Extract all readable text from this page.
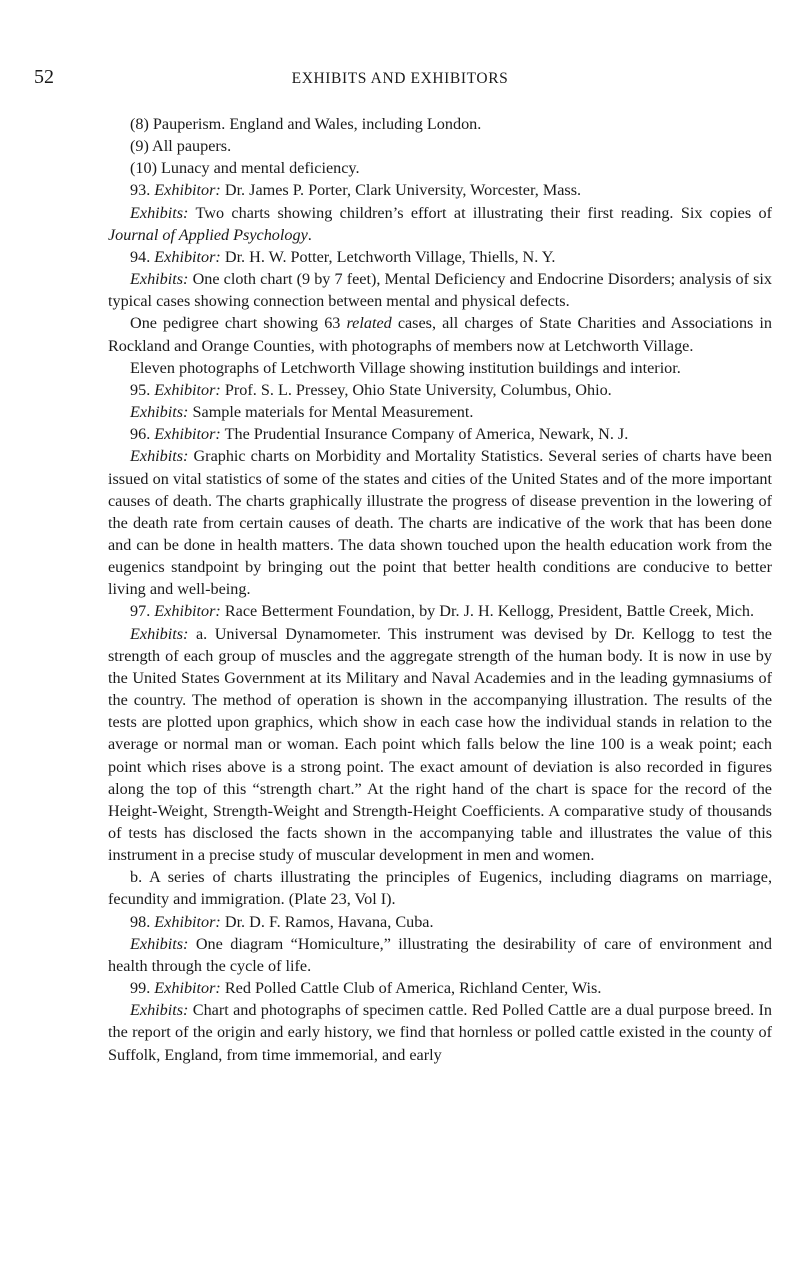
52	EXHIBITS AND EXHIBITORS

(8) Pauperism. England and Wales, including London.

(9) All paupers.

(10) Lunacy and mental deficiency.

93. Exhibitor: Dr. James P. Porter, Clark University, Worcester, Mass.

Exhibits: Two charts showing children’s effort at illustrating their first reading. Six copies of Journal of Applied Psychology.

94. Exhibitor: Dr. H. W. Potter, Letchworth Village, Thiells, N. Y.

Exhibits: One cloth chart (9 by 7 feet), Mental Deficiency and Endocrine Disorders; analysis of six typical cases showing connection between mental and physical defects.

One pedigree chart showing 63 related cases, all charges of State Charities and Associations in Rockland and Orange Counties, with photographs of members now at Letchworth Village.

Eleven photographs of Letchworth Village showing institution buildings and interior.

95. Exhibitor: Prof. S. L. Pressey, Ohio State University, Columbus, Ohio.

Exhibits: Sample materials for Mental Measurement.

96. Exhibitor: The Prudential Insurance Company of America, Newark, N. J.

Exhibits: Graphic charts on Morbidity and Mortality Statistics. Several series of charts have been issued on vital statistics of some of the states and cities of the United States and of the more important causes of death. The charts graphically illustrate the progress of disease prevention in the lowering of the death rate from certain causes of death. The charts are indicative of the work that has been done and can be done in health matters. The data shown touched upon the health education work from the eugenics standpoint by bringing out the point that better health conditions are conducive to better living and well-being.

97. Exhibitor: Race Betterment Foundation, by Dr. J. H. Kellogg, President, Battle Creek, Mich.

Exhibits: a. Universal Dynamometer. This instrument was devised by Dr. Kellogg to test the strength of each group of muscles and the aggregate strength of the human body. It is now in use by the United States Government at its Military and Naval Academies and in the leading gymnasiums of the country. The method of operation is shown in the accompanying illustration. The results of the tests are plotted upon graphics, which show in each case how the individual stands in relation to the average or normal man or woman. Each point which falls below the line 100 is a weak point; each point which rises above is a strong point. The exact amount of deviation is also recorded in figures along the top of this “strength chart.” At the right hand of the chart is space for the record of the Height-Weight, Strength-Weight and Strength-Height Coefficients. A comparative study of thousands of tests has disclosed the facts shown in the accompanying table and illustrates the value of this instrument in a precise study of muscular development in men and women.

b. A series of charts illustrating the principles of Eugenics, including diagrams on marriage, fecundity and immigration. (Plate 23, Vol I).

98. Exhibitor: Dr. D. F. Ramos, Havana, Cuba.

Exhibits: One diagram “Homiculture,” illustrating the desirability of care of environment and health through the cycle of life.

99. Exhibitor: Red Polled Cattle Club of America, Richland Center, Wis.

Exhibits: Chart and photographs of specimen cattle. Red Polled Cattle are a dual purpose breed. In the report of the origin and early history, we find that hornless or polled cattle existed in the county of Suffolk, England, from time immemorial, and early
